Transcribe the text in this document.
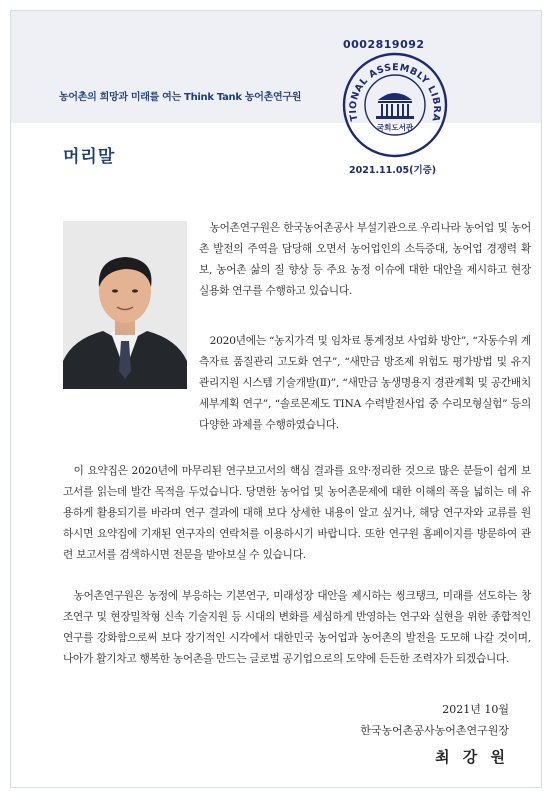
농어촌의 희망과 미래를 여는 Think Tank 농어촌연구원
머리말

농어촌연구원은 한국농어촌공사 부설기관으로 우리나라 농어업 및 농어촌 발전의 주역을 담당해 오면서 농어업인의 소득증대, 농어업 경쟁력 확보, 농어촌 삶의 질 향상 등 주요 농정 이슈에 대한 대안을 제시하고 현장 실용화 연구를 수행하고 있습니다.

2020년에는 “농지가격 및 임차료 통계정보 사업화 방안”, “자동수위 계측자료 품질관리 고도화 연구”, “새만금 방조제 위험도 평가방법 및 유지관리지원 시스템 기술개발(Ⅱ)”, “새만금 농생명용지 경관계획 및 공간배치 세부계획 연구”, “솔로몬제도 TINA 수력발전사업 중 수리모형실험” 등의 다양한 과제를 수행하였습니다.

이 요약집은 2020년에 마무리된 연구보고서의 핵심 결과를 요약·정리한 것으로 많은 분들이 쉽게 보고서를 읽는데 발간 목적을 두었습니다. 당면한 농어업 및 농어촌문제에 대한 이해의 폭을 넓히는 데 유용하게 활용되기를 바라며 연구 결과에 대해 보다 상세한 내용이 알고 싶거나, 해당 연구자와 교류를 원하시면 요약집에 기재된 연구자의 연락처를 이용하시기 바랍니다. 또한 연구원 홈페이지를 방문하여 관련 보고서를 검색하시면 전문을 받아보실 수 있습니다.

농어촌연구원은 농정에 부응하는 기본연구, 미래성장 대안을 제시하는 씽크탱크, 미래를 선도하는 창조연구 및 현장밀착형 신속 기술지원 등 시대의 변화를 세심하게 반영하는 연구와 실현을 위한 종합적인 연구를 강화함으로써 보다 장기적인 시각에서 대한민국 농어업과 농어촌의 발전을 도모해 나갈 것이며, 나아가 활기차고 행복한 농어촌을 만드는 글로벌 공기업으로의 도약에 든든한 조력자가 되겠습니다.

2021년 10월
한국농어촌공사농어촌연구원장
최 강 원
0002819092
TIONAL ASSEMBLY LIBRA
국회도서관
2021.11.05(기증)
